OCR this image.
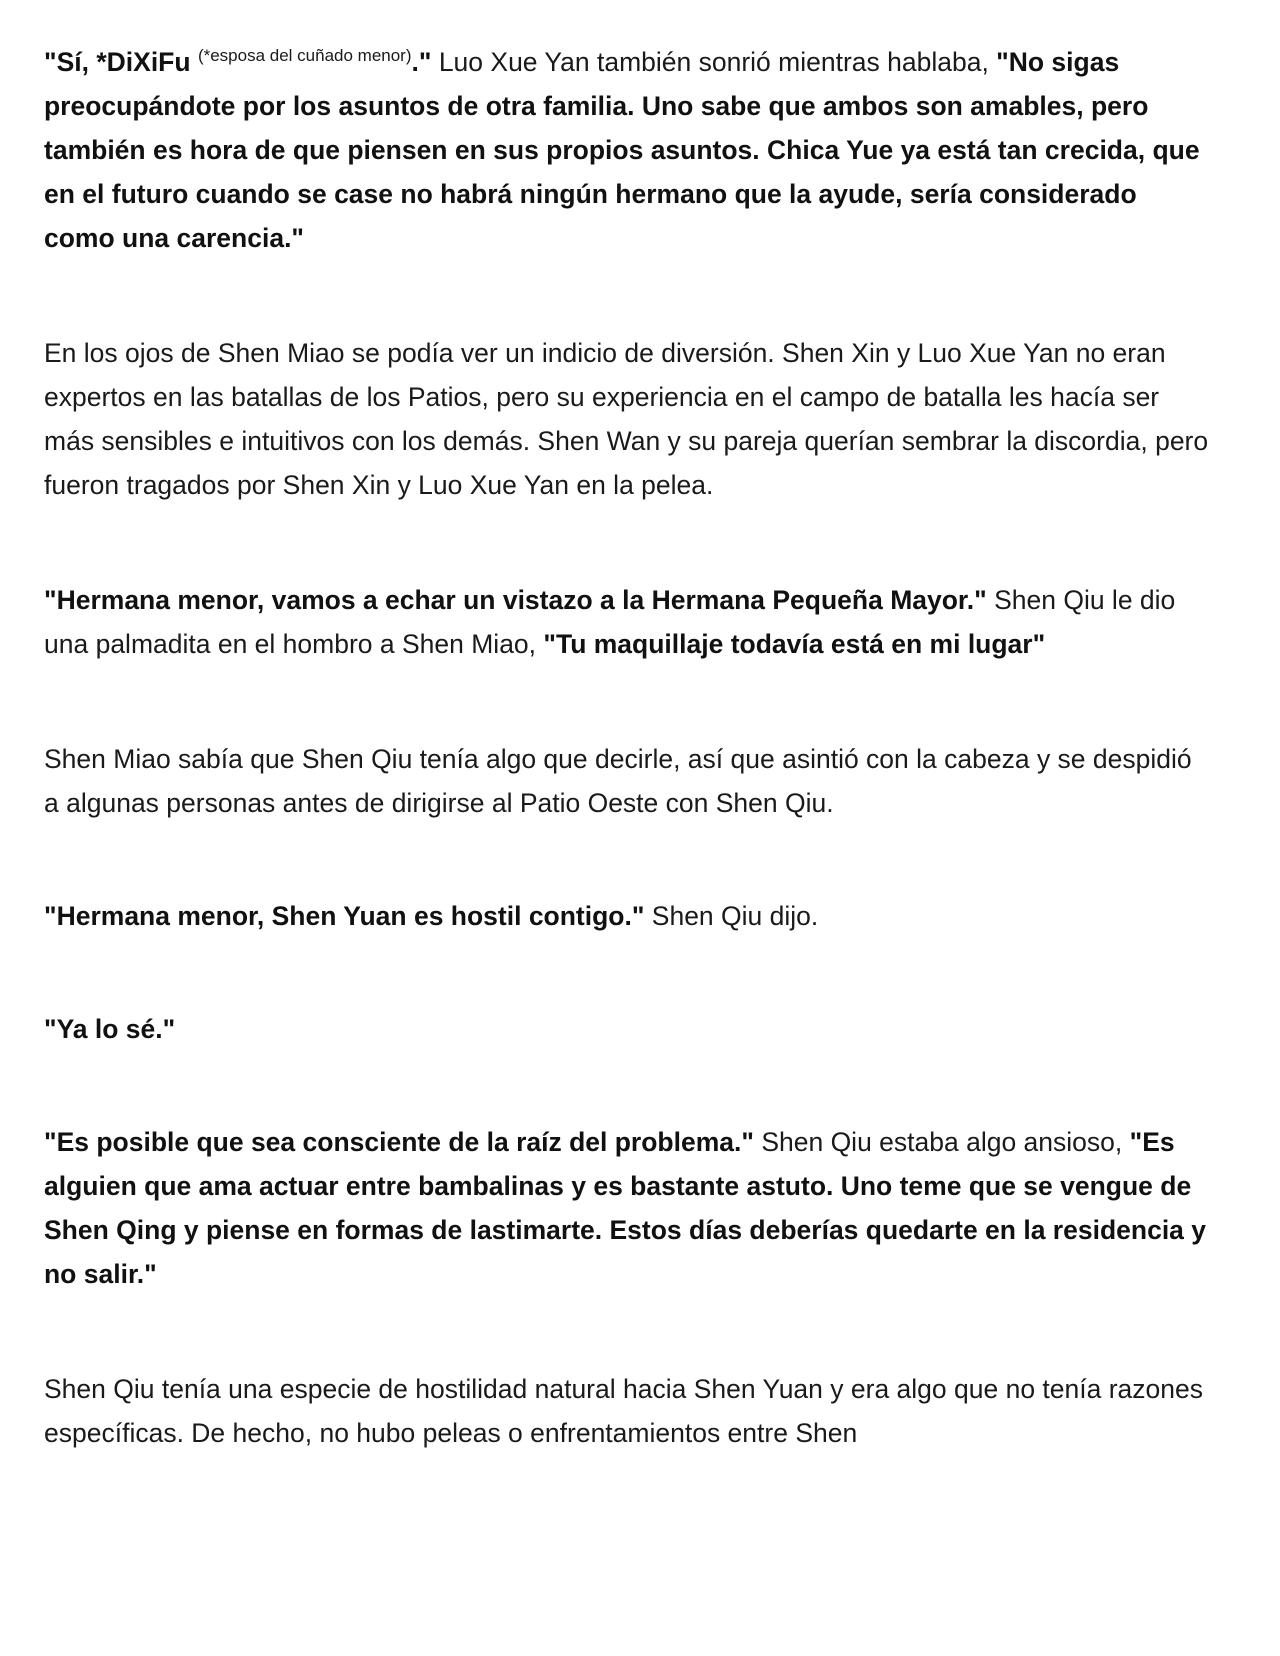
"Sí, *DiXiFu $^{(*esposa del cuñado menor)}$." Luo Xue Yan también sonrió mientras hablaba, "No sigas preocupándote por los asuntos de otra familia. Uno sabe que ambos son amables, pero también es hora de que piensen en sus propios asuntos. Chica Yue ya está tan crecida, que en el futuro cuando se case no habrá ningún hermano que la ayude, sería considerado como una carencia."

En los ojos de Shen Miao se podía ver un indicio de diversión. Shen Xin y Luo Xue Yan no eran expertos en las batallas de los Patios, pero su experiencia en el campo de batalla les hacía ser más sensibles e intuitivos con los demás. Shen Wan y su pareja querían sembrar la discordia, pero fueron tragados por Shen Xin y Luo Xue Yan en la pelea.

"Hermana menor, vamos a echar un vistazo a la Hermana Pequeña Mayor." Shen Qiu le dio una palmadita en el hombro a Shen Miao, "Tu maquillaje todavía está en mi lugar"

Shen Miao sabía que Shen Qiu tenía algo que decirle, así que asintió con la cabeza y se despidió a algunas personas antes de dirigirse al Patio Oeste con Shen Qiu.

"Hermana menor, Shen Yuan es hostil contigo." Shen Qiu dijo.

"Ya lo sé."

"Es posible que sea consciente de la raíz del problema." Shen Qiu estaba algo ansioso, "Es alguien que ama actuar entre bambalinas y es bastante astuto. Uno teme que se vengue de Shen Qing y piense en formas de lastimarte. Estos días deberías quedarte en la residencia y no salir."

Shen Qiu tenía una especie de hostilidad natural hacia Shen Yuan y era algo que no tenía razones específicas. De hecho, no hubo peleas o enfrentamientos entre Shen
